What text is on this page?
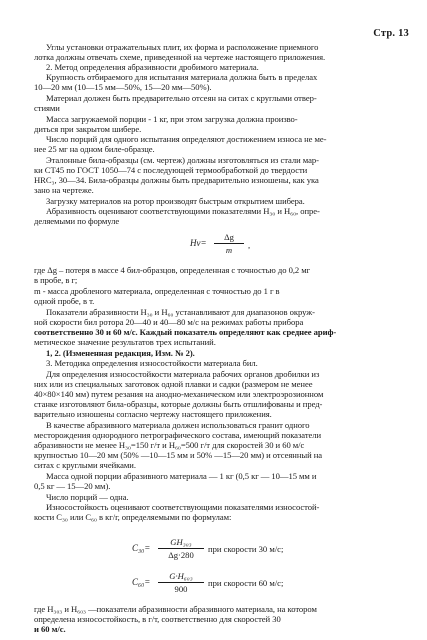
Стр. 13
Углы установки отражательных плит, их форма и расположение приемного
лотка должны отвечать схеме, приведенной на чертеже настоящего приложения.
2. Метод определения абразивности дробимого материала.
Крупность отбираемого для испытания материала должна быть в пределах
10—20 мм (10—15 мм—50%, 15—20 мм—50%).
Материал должен быть предварительно отсеян на ситах с круглыми отвер-
стиями
Масса загружаемой порции - 1 кг, при этом загрузка должна произво-
диться при закрытом шибере.
Число порций для одного испытания определяют достижением износа не ме-
нее 25 мг на одном биле-образце.
Эталонные била-образцы (см. чертеж) должны изготовляться из стали мар-
ки СТ45 по ГОСТ 1050—74 с последующей термообработкой до твердости
HRC₃, 30—34. Била-образцы должны быть предварительно изношены, как ука
зано на чертеже.
Загрузку материалов на ротор производят быстрым открытием шибера.
Абразивность оценивают соответствующими показателями H₃₀ и H₆₀, опре-
деляемыми по формуле
Hv=
Δg
m ,
где Δg – потеря в массе 4 бил-образцов, определенная с точностью до 0,2 мг
в пробе, в г;
m - масса дробленого материала, определенная с точностью до 1 г в
одной пробе, в т.
Показатели абразивности H₃₀ и H₆₀ устанавливают для диапазонов окруж-
ной скорости бил ротора 20—40 и 40—80 м/с на режимах работы прибора
соответственно 30 и 60 м/с. Каждый показатель определяют как среднее ариф-
метическое значение результатов трех испытаний.
1, 2. (Измененная редакция, Изм. № 2).
3. Методика определения износостойкости материала бил.
Для определения износостойкости материала рабочих органов дробилки из
них или из специальных заготовок одной плавки и садки (размером не менее
40×80×140 мм) путем резания на анодно-механическом или электроэрозионном
станке изготовляют била-образцы, которые должны быть отшлифованы и пред-
варительно изношены согласно чертежу настоящего приложения.
В качестве абразивного материала должен использоваться гранит одного
месторождения однородного петрографического состава, имеющий показатели
абразивности не менее H₃₀=150 г/т и H₆₀=500 г/т для скоростей 30 и 60 м/с
крупностью 10—20 мм (50% —10—15 мм и 50% —15—20 мм) и отсеянный на
ситах с круглыми ячейками.
Масса одной порции абразивного материала — 1 кг (0,5 кг — 10—15 мм и
0,5 кг — 15—20 мм).
Число порций — одна.
Износостойкость оценивают соответствующими показателями износостой-
кости C₃₀ или C₆₀ в кг/г, определяемыми по формулам:
C₃₀=
GH₃₀₃
Δg·280
при скорости 30 м/с;
C₆₀=
G·H₆₀₃
900
при скорости 60 м/с;
где H₃₀₃ и H₆₀₃ —показатели абразивности абразивного материала, на котором
определена износостойкость, в г/т, соответственно для скоростей 30
и 60 м/с.
